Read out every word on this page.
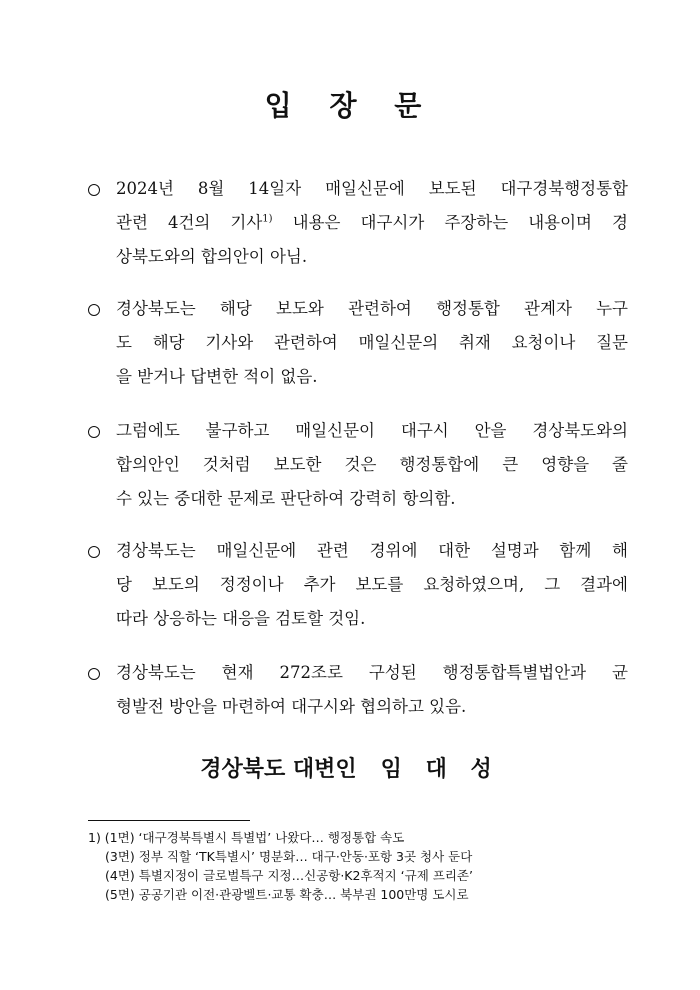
입 장 문
2024년 8월 14일자 매일신문에 보도된 대구경북행정통합
관련 4건의 기사$^{1)}$ 내용은 대구시가 주장하는 내용이며 경
상북도와의 합의안이 아님.
경상북도는 해당 보도와 관련하여 행정통합 관계자 누구
도 해당 기사와 관련하여 매일신문의 취재 요청이나 질문
을 받거나 답변한 적이 없음.
그럼에도 불구하고 매일신문이 대구시 안을 경상북도와의
합의안인 것처럼 보도한 것은 행정통합에 큰 영향을 줄
수 있는 중대한 문제로 판단하여 강력히 항의함.
경상북도는 매일신문에 관련 경위에 대한 설명과 함께 해
당 보도의 정정이나 추가 보도를 요청하였으며, 그 결과에
따라 상응하는 대응을 검토할 것임.
경상북도는 현재 272조로 구성된 행정통합특별법안과 균
형발전 방안을 마련하여 대구시와 협의하고 있음.
경상북도 대변인 임 대 성
1) (1면) ‘대구경북특별시 특별법’ 나왔다… 행정통합 속도
(3면) 정부 직할 ‘TK특별시’ 명분화… 대구·안동·포항 3곳 청사 둔다
(4면) 특별지정이 글로벌특구 지정…신공항·K2후적지 ‘규제 프리존’
(5면) 공공기관 이전·관광벨트·교통 확충… 북부권 100만명 도시로
